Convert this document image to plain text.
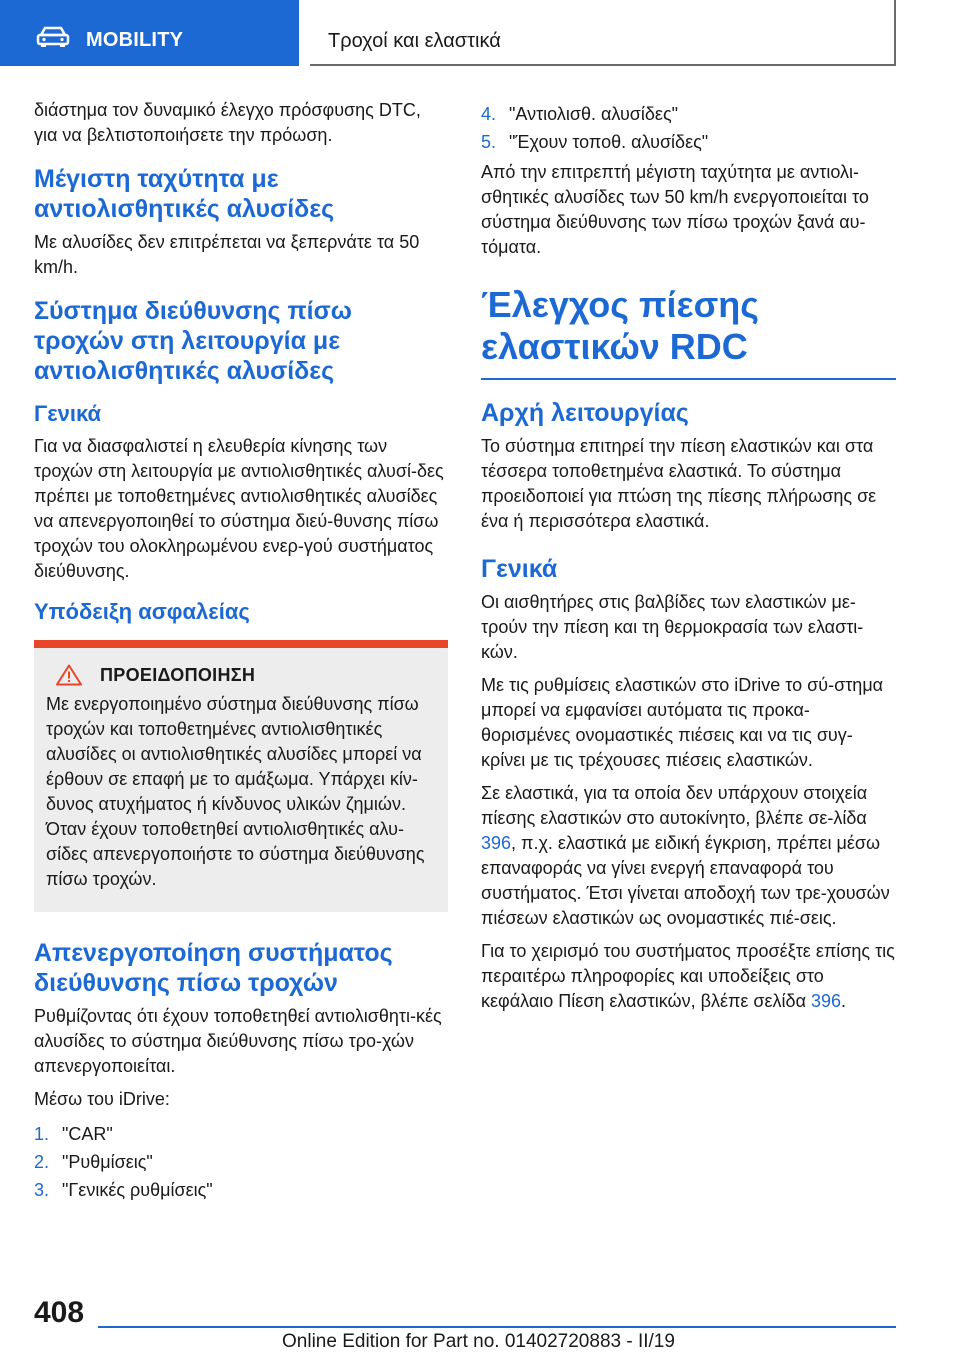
MOBILITY	Τροχοί και ελαστικά

διάστημα τον δυναμικό έλεγχο πρόσφυσης DTC, για να βελτιστοποιήσετε την πρόωση.

Μέγιστη ταχύτητα με αντιολισθητικές αλυσίδες

Με αλυσίδες δεν επιτρέπεται να ξεπερνάτε τα 50 km/h.

Σύστημα διεύθυνσης πίσω τροχών στη λειτουργία με αντιολισθητικές αλυσίδες
Γενικά

Για να διασφαλιστεί η ελευθερία κίνησης των τροχών στη λειτουργία με αντιολισθητικές αλυσί-δες πρέπει με τοποθετημένες αντιολισθητικές αλυσίδες να απενεργοποιηθεί το σύστημα διεύ-θυνσης πίσω τροχών του ολοκληρωμένου ενερ-γού συστήματος διεύθυνσης.

Υπόδειξη ασφαλείας
ΠΡΟΕΙΔΟΠΟΙΗΣΗ

Με ενεργοποιημένο σύστημα διεύθυνσης πίσω τροχών και τοποθετημένες αντιολισθητικές αλυσίδες οι αντιολισθητικές αλυσίδες μπορεί να έρθουν σε επαφή με το αμάξωμα. Υπάρχει κίν-δυνος ατυχήματος ή κίνδυνος υλικών ζημιών. Όταν έχουν τοποθετηθεί αντιολισθητικές αλυ-σίδες απενεργοποιήστε το σύστημα διεύθυνσης πίσω τροχών.

Απενεργοποίηση συστήματος διεύθυνσης πίσω τροχών

Ρυθμίζοντας ότι έχουν τοποθετηθεί αντιολισθητι-κές αλυσίδες το σύστημα διεύθυνσης πίσω τρο-χών απενεργοποιείται.

Μέσω του iDrive:

1. "CAR"
2. "Ρυθμίσεις"
3. "Γενικές ρυθμίσεις"
4. "Αντιολισθ. αλυσίδες"
5. "Έχουν τοποθ. αλυσίδες"

Από την επιτρεπτή μέγιστη ταχύτητα με αντιολι-σθητικές αλυσίδες των 50 km/h ενεργοποιείται το σύστημα διεύθυνσης των πίσω τροχών ξανά αυ-τόματα.

Έλεγχος πίεσης ελαστικών RDC
Αρχή λειτουργίας

Το σύστημα επιτηρεί την πίεση ελαστικών και στα τέσσερα τοποθετημένα ελαστικά. Το σύστημα προειδοποιεί για πτώση της πίεσης πλήρωσης σε ένα ή περισσότερα ελαστικά.

Γενικά

Οι αισθητήρες στις βαλβίδες των ελαστικών με-τρούν την πίεση και τη θερμοκρασία των ελαστι-κών.

Με τις ρυθμίσεις ελαστικών στο iDrive το σύ-στημα μπορεί να εμφανίσει αυτόματα τις προκα-θορισμένες ονομαστικές πιέσεις και να τις συγ-κρίνει με τις τρέχουσες πιέσεις ελαστικών.

Σε ελαστικά, για τα οποία δεν υπάρχουν στοιχεία πίεσης ελαστικών στο αυτοκίνητο, βλέπε σε-λίδα 396, π.χ. ελαστικά με ειδική έγκριση, πρέπει μέσω επαναφοράς να γίνει ενεργή επαναφορά του συστήματος. Έτσι γίνεται αποδοχή των τρε-χουσών πιέσεων ελαστικών ως ονομαστικές πιέ-σεις.

Για το χειρισμό του συστήματος προσέξτε επίσης τις περαιτέρω πληροφορίες και υποδείξεις στο κεφάλαιο Πίεση ελαστικών, βλέπε σελίδα 396.

408
Online Edition for Part no. 01402720883 - II/19
